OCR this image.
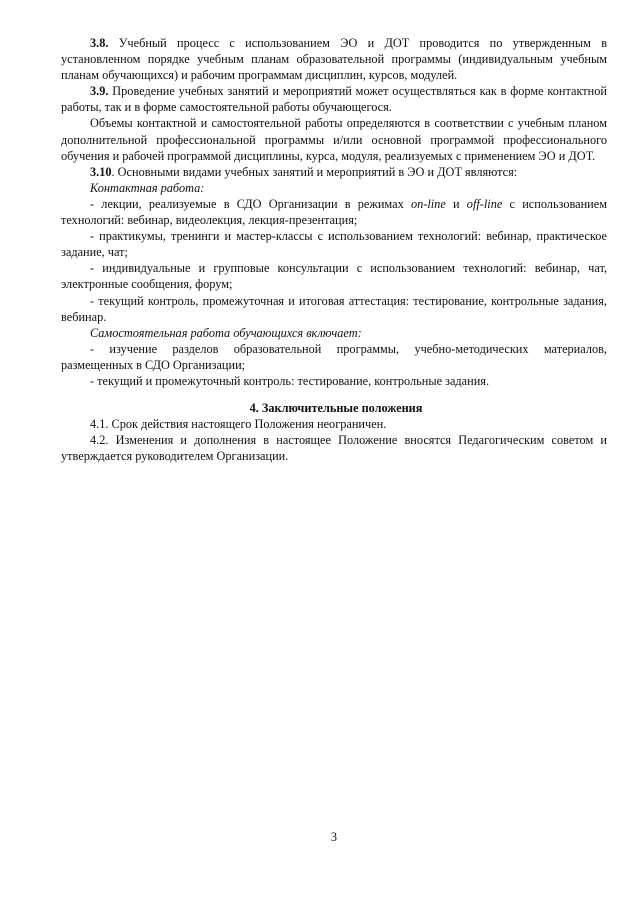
3.8. Учебный процесс с использованием ЭО и ДОТ проводится по утвержденным в установленном порядке учебным планам образовательной программы (индивидуальным учебным планам обучающихся) и рабочим программам дисциплин, курсов, модулей.

3.9. Проведение учебных занятий и мероприятий может осуществляться как в форме контактной работы, так и в форме самостоятельной работы обучающегося.

Объемы контактной и самостоятельной работы определяются в соответствии с учебным планом дополнительной профессиональной программы и/или основной программой профессионального обучения и рабочей программой дисциплины, курса, модуля, реализуемых с применением ЭО и ДОТ.

3.10. Основными видами учебных занятий и мероприятий в ЭО и ДОТ являются:

Контактная работа:

- лекции, реализуемые в СДО Организации в режимах on-line и off-line с использованием технологий: вебинар, видеолекция, лекция-презентация;

- практикумы, тренинги и мастер-классы с использованием технологий: вебинар, практическое задание, чат;

- индивидуальные и групповые консультации с использованием технологий: вебинар, чат, электронные сообщения, форум;

- текущий контроль, промежуточная и итоговая аттестация: тестирование, контрольные задания, вебинар.

Самостоятельная работа обучающихся включает:

- изучение разделов образовательной программы, учебно-методических материалов, размещенных в СДО Организации;

- текущий и промежуточный контроль: тестирование, контрольные задания.

4. Заключительные положения

4.1. Срок действия настоящего Положения неограничен.

4.2. Изменения и дополнения в настоящее Положение вносятся Педагогическим советом и утверждается руководителем Организации.

3
